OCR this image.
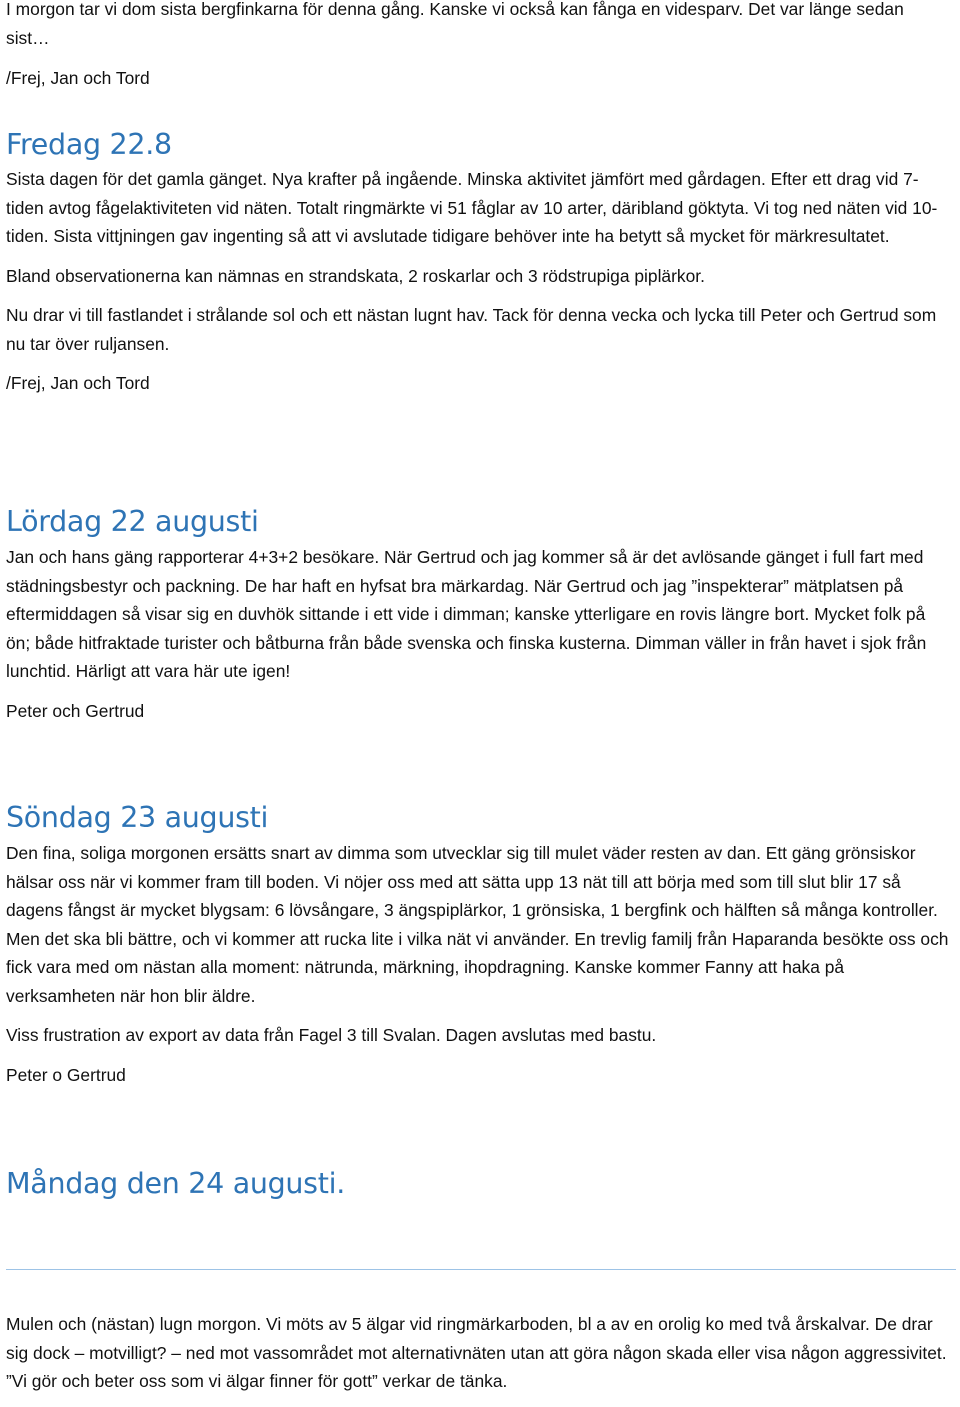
I morgon tar vi dom sista bergfinkarna för denna gång. Kanske vi också kan fånga en videsparv. Det var länge sedan sist…

/Frej, Jan och Tord

Fredag 22.8

Sista dagen för det gamla gänget. Nya krafter på ingående. Minska aktivitet jämfört med gårdagen. Efter ett drag vid 7-tiden avtog fågelaktiviteten vid näten. Totalt ringmärkte vi 51 fåglar av 10 arter, däribland göktyta. Vi tog ned näten vid 10-tiden. Sista vittjningen gav ingenting så att vi avslutade tidigare behöver inte ha betytt så mycket för märkresultatet.

Bland observationerna kan nämnas en strandskata, 2 roskarlar och 3 rödstrupiga piplärkor.

Nu drar vi till fastlandet i strålande sol och ett nästan lugnt hav. Tack för denna vecka och lycka till Peter och Gertrud som nu tar över ruljansen.

/Frej, Jan och Tord

Lördag 22 augusti

Jan och hans gäng rapporterar 4+3+2 besökare. När Gertrud och jag kommer så är det avlösande gänget i full fart med städningsbestyr och packning. De har haft en hyfsat bra märkardag. När Gertrud och jag ”inspekterar” mätplatsen på eftermiddagen så visar sig en duvhök sittande i ett vide i dimman; kanske ytterligare en rovis längre bort. Mycket folk på ön; både hitfraktade turister och båtburna från både svenska och finska kusterna. Dimman väller in från havet i sjok från lunchtid. Härligt att vara här ute igen!

Peter och Gertrud

Söndag 23 augusti

Den fina, soliga morgonen ersätts snart av dimma som utvecklar sig till mulet väder resten av dan. Ett gäng grönsiskor hälsar oss när vi kommer fram till boden. Vi nöjer oss med att sätta upp 13 nät till att börja med som till slut blir 17 så dagens fångst är mycket blygsam: 6 lövsångare, 3 ängspiplärkor, 1 grönsiska, 1 bergfink och hälften så många kontroller. Men det ska bli bättre, och vi kommer att rucka lite i vilka nät vi använder. En trevlig familj från Haparanda besökte oss och fick vara med om nästan alla moment: nätrunda, märkning, ihopdragning. Kanske kommer Fanny att haka på verksamheten när hon blir äldre.

Viss frustration av export av data från Fagel 3 till Svalan. Dagen avslutas med bastu.

Peter o Gertrud

Måndag den 24 augusti.

Mulen och (nästan) lugn morgon. Vi möts av 5 älgar vid ringmärkarboden, bl a av en orolig ko med två årskalvar. De drar sig dock – motvilligt? – ned mot vassområdet mot alternativnäten utan att göra någon skada eller visa någon aggressivitet. ”Vi gör och beter oss som vi älgar finner för gott” verkar de tänka.
